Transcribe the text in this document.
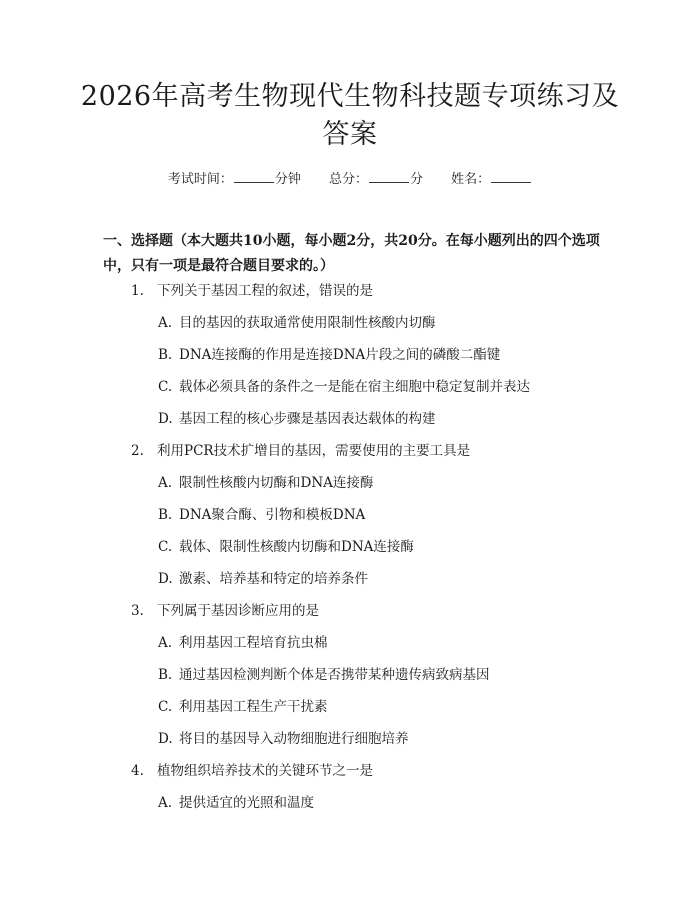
2026年高考生物现代生物科技题专项练习及答案
考试时间：	分钟 总分：	分 姓名：
一、选择题（本大题共10小题，每小题2分，共20分。在每小题列出的四个选项中，只有一项是最符合题目要求的。）
1. 下列关于基因工程的叙述，错误的是
A. 目的基因的获取通常使用限制性核酸内切酶
B. DNA连接酶的作用是连接DNA片段之间的磷酸二酯键
C. 载体必须具备的条件之一是能在宿主细胞中稳定复制并表达
D. 基因工程的核心步骤是基因表达载体的构建
2. 利用PCR技术扩增目的基因，需要使用的主要工具是
A. 限制性核酸内切酶和DNA连接酶
B. DNA聚合酶、引物和模板DNA
C. 载体、限制性核酸内切酶和DNA连接酶
D. 激素、培养基和特定的培养条件
3. 下列属于基因诊断应用的是
A. 利用基因工程培育抗虫棉
B. 通过基因检测判断个体是否携带某种遗传病致病基因
C. 利用基因工程生产干扰素
D. 将目的基因导入动物细胞进行细胞培养
4. 植物组织培养技术的关键环节之一是
A. 提供适宜的光照和温度
